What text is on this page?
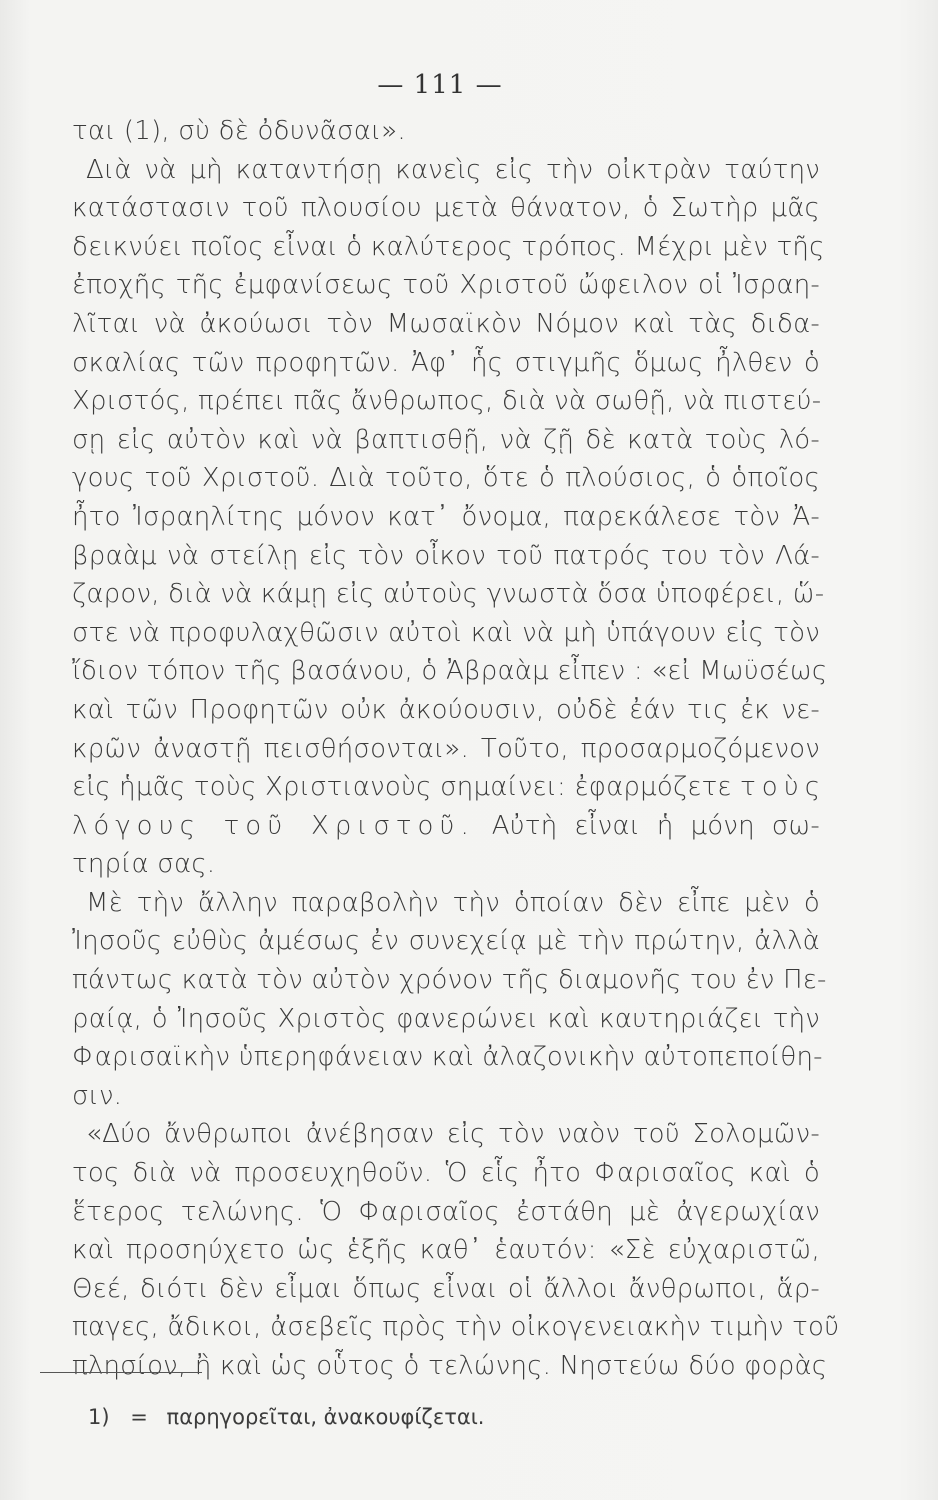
— 111 —
ται (1), σὺ δὲ ὀδυνᾶσαι».
Διὰ νὰ μὴ καταντήσῃ κανεὶς εἰς τὴν οἰκτρὰν ταύτην
κατάστασιν τοῦ πλουσίου μετὰ θάνατον, ὁ Σωτὴρ μᾶς
δεικνύει ποῖος εἶναι ὁ καλύτερος τρόπος. Μέχρι μὲν τῆς
ἐποχῆς τῆς ἐμφανίσεως τοῦ Χριστοῦ ὤφειλον οἱ Ἰσραη-
λῖται νὰ ἀκούωσι τὸν Μωσαϊκὸν Νόμον καὶ τὰς διδα-
σκαλίας τῶν προφητῶν. Ἀφ᾿ ἧς στιγμῆς ὅμως ἦλθεν ὁ
Χριστός, πρέπει πᾶς ἄνθρωπος, διὰ νὰ σωθῇ, νὰ πιστεύ-
σῃ εἰς αὐτὸν καὶ νὰ βαπτισθῇ, νὰ ζῇ δὲ κατὰ τοὺς λό-
γους τοῦ Χριστοῦ. Διὰ τοῦτο, ὅτε ὁ πλούσιος, ὁ ὁποῖος
ἦτο Ἰσραηλίτης μόνον κατ᾿ ὄνομα, παρεκάλεσε τὸν Ἀ-
βραὰμ νὰ στείλῃ εἰς τὸν οἶκον τοῦ πατρός του τὸν Λά-
ζαρον, διὰ νὰ κάμῃ εἰς αὐτοὺς γνωστὰ ὅσα ὑποφέρει, ὥ-
στε νὰ προφυλαχθῶσιν αὐτοὶ καὶ νὰ μὴ ὑπάγουν εἰς τὸν
ἴδιον τόπον τῆς βασάνου, ὁ Ἀβραὰμ εἶπεν : «εἰ Μωϋσέως
καὶ τῶν Προφητῶν οὐκ ἀκούουσιν, οὐδὲ ἐάν τις ἐκ νε-
κρῶν ἀναστῇ πεισθήσονται». Τοῦτο, προσαρμοζόμενον
εἰς ἡμᾶς τοὺς Χριστιανοὺς σημαίνει: ἐφαρμόζετε τοὺς
λόγους τοῦ Χριστοῦ. Αὐτὴ εἶναι ἡ μόνη σω-
τηρία σας.
Μὲ τὴν ἄλλην παραβολὴν τὴν ὁποίαν δὲν εἶπε μὲν ὁ
Ἰησοῦς εὐθὺς ἀμέσως ἐν συνεχείᾳ μὲ τὴν πρώτην, ἀλλὰ
πάντως κατὰ τὸν αὐτὸν χρόνον τῆς διαμονῆς του ἐν Πε-
ραίᾳ, ὁ Ἰησοῦς Χριστὸς φανερώνει καὶ καυτηριάζει τὴν
Φαρισαϊκὴν ὑπερηφάνειαν καὶ ἀλαζονικὴν αὐτοπεποίθη-
σιν.
«Δύο ἄνθρωποι ἀνέβησαν εἰς τὸν ναὸν τοῦ Σολομῶν-
τος διὰ νὰ προσευχηθοῦν. Ὁ εἷς ἦτο Φαρισαῖος καὶ ὁ
ἕτερος τελώνης. Ὁ Φαρισαῖος ἐστάθη μὲ ἀγερωχίαν
καὶ προσηύχετο ὡς ἑξῆς καθ᾿ ἑαυτόν: «Σὲ εὐχαριστῶ,
Θεέ, διότι δὲν εἶμαι ὅπως εἶναι οἱ ἄλλοι ἄνθρωποι, ἅρ-
παγες, ἄδικοι, ἀσεβεῖς πρὸς τὴν οἰκογενειακὴν τιμὴν τοῦ
πλησίον, ἢ καὶ ὡς οὗτος ὁ τελώνης. Νηστεύω δύο φορὰς
1) = παρηγορεῖται, ἀνακουφίζεται.
